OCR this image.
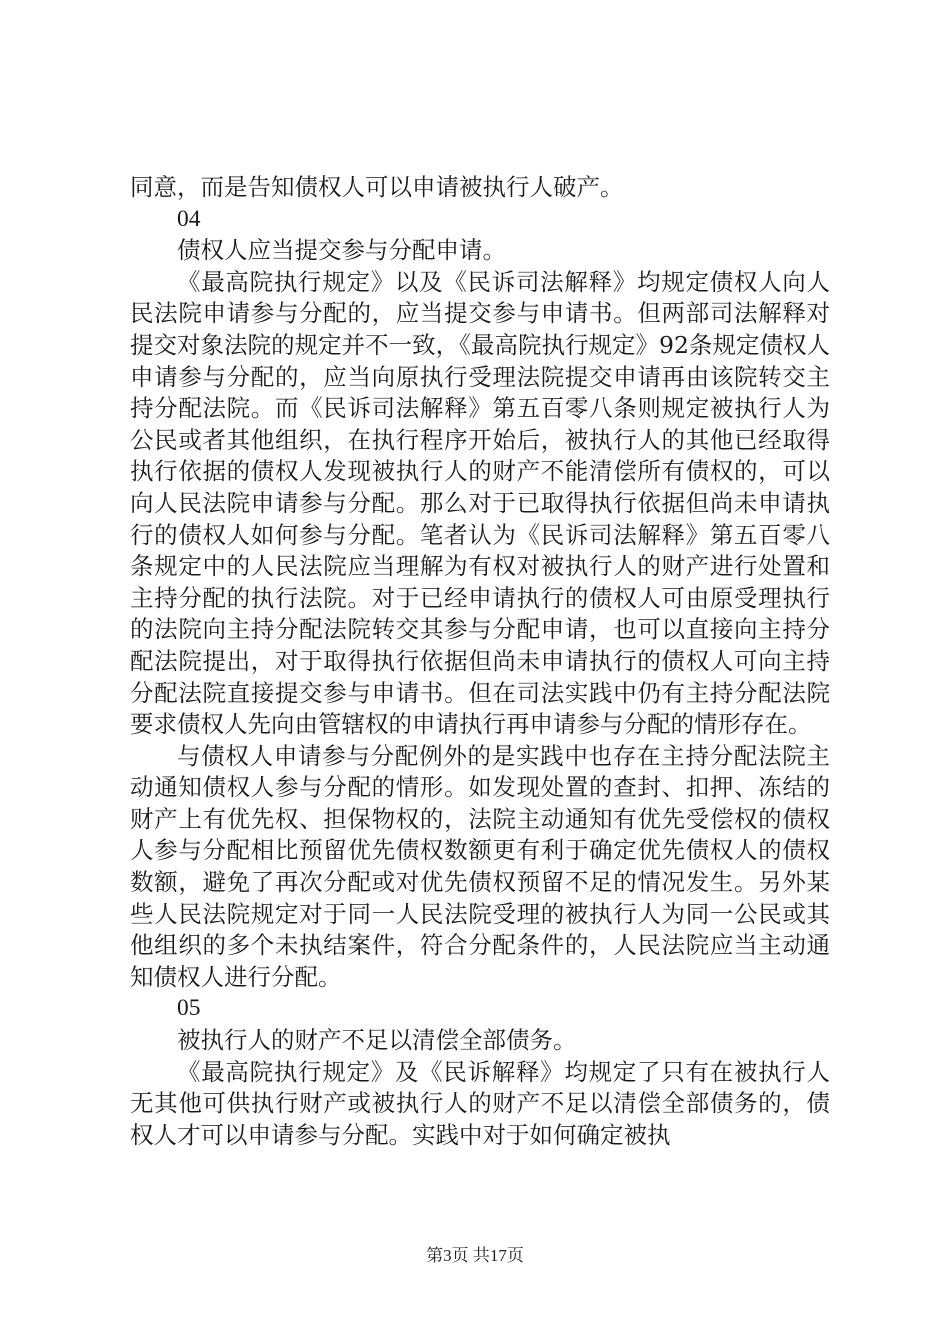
同意，而是告知债权人可以申请被执行人破产。

04

债权人应当提交参与分配申请。

《最高院执行规定》以及《民诉司法解释》均规定债权人向人民法院申请参与分配的，应当提交参与申请书。但两部司法解释对提交对象法院的规定并不一致，《最高院执行规定》92条规定债权人申请参与分配的，应当向原执行受理法院提交申请再由该院转交主持分配法院。而《民诉司法解释》第五百零八条则规定被执行人为公民或者其他组织，在执行程序开始后，被执行人的其他已经取得执行依据的债权人发现被执行人的财产不能清偿所有债权的，可以向人民法院申请参与分配。那么对于已取得执行依据但尚未申请执行的债权人如何参与分配。笔者认为《民诉司法解释》第五百零八条规定中的人民法院应当理解为有权对被执行人的财产进行处置和主持分配的执行法院。对于已经申请执行的债权人可由原受理执行的法院向主持分配法院转交其参与分配申请，也可以直接向主持分配法院提出，对于取得执行依据但尚未申请执行的债权人可向主持分配法院直接提交参与申请书。但在司法实践中仍有主持分配法院要求债权人先向由管辖权的申请执行再申请参与分配的情形存在。

与债权人申请参与分配例外的是实践中也存在主持分配法院主动通知债权人参与分配的情形。如发现处置的查封、扣押、冻结的财产上有优先权、担保物权的，法院主动通知有优先受偿权的债权人参与分配相比预留优先债权数额更有利于确定优先债权人的债权数额，避免了再次分配或对优先债权预留不足的情况发生。另外某些人民法院规定对于同一人民法院受理的被执行人为同一公民或其他组织的多个未执结案件，符合分配条件的，人民法院应当主动通知债权人进行分配。

05

被执行人的财产不足以清偿全部债务。

《最高院执行规定》及《民诉解释》均规定了只有在被执行人无其他可供执行财产或被执行人的财产不足以清偿全部债务的，债权人才可以申请参与分配。实践中对于如何确定被执

第3页 共17页
